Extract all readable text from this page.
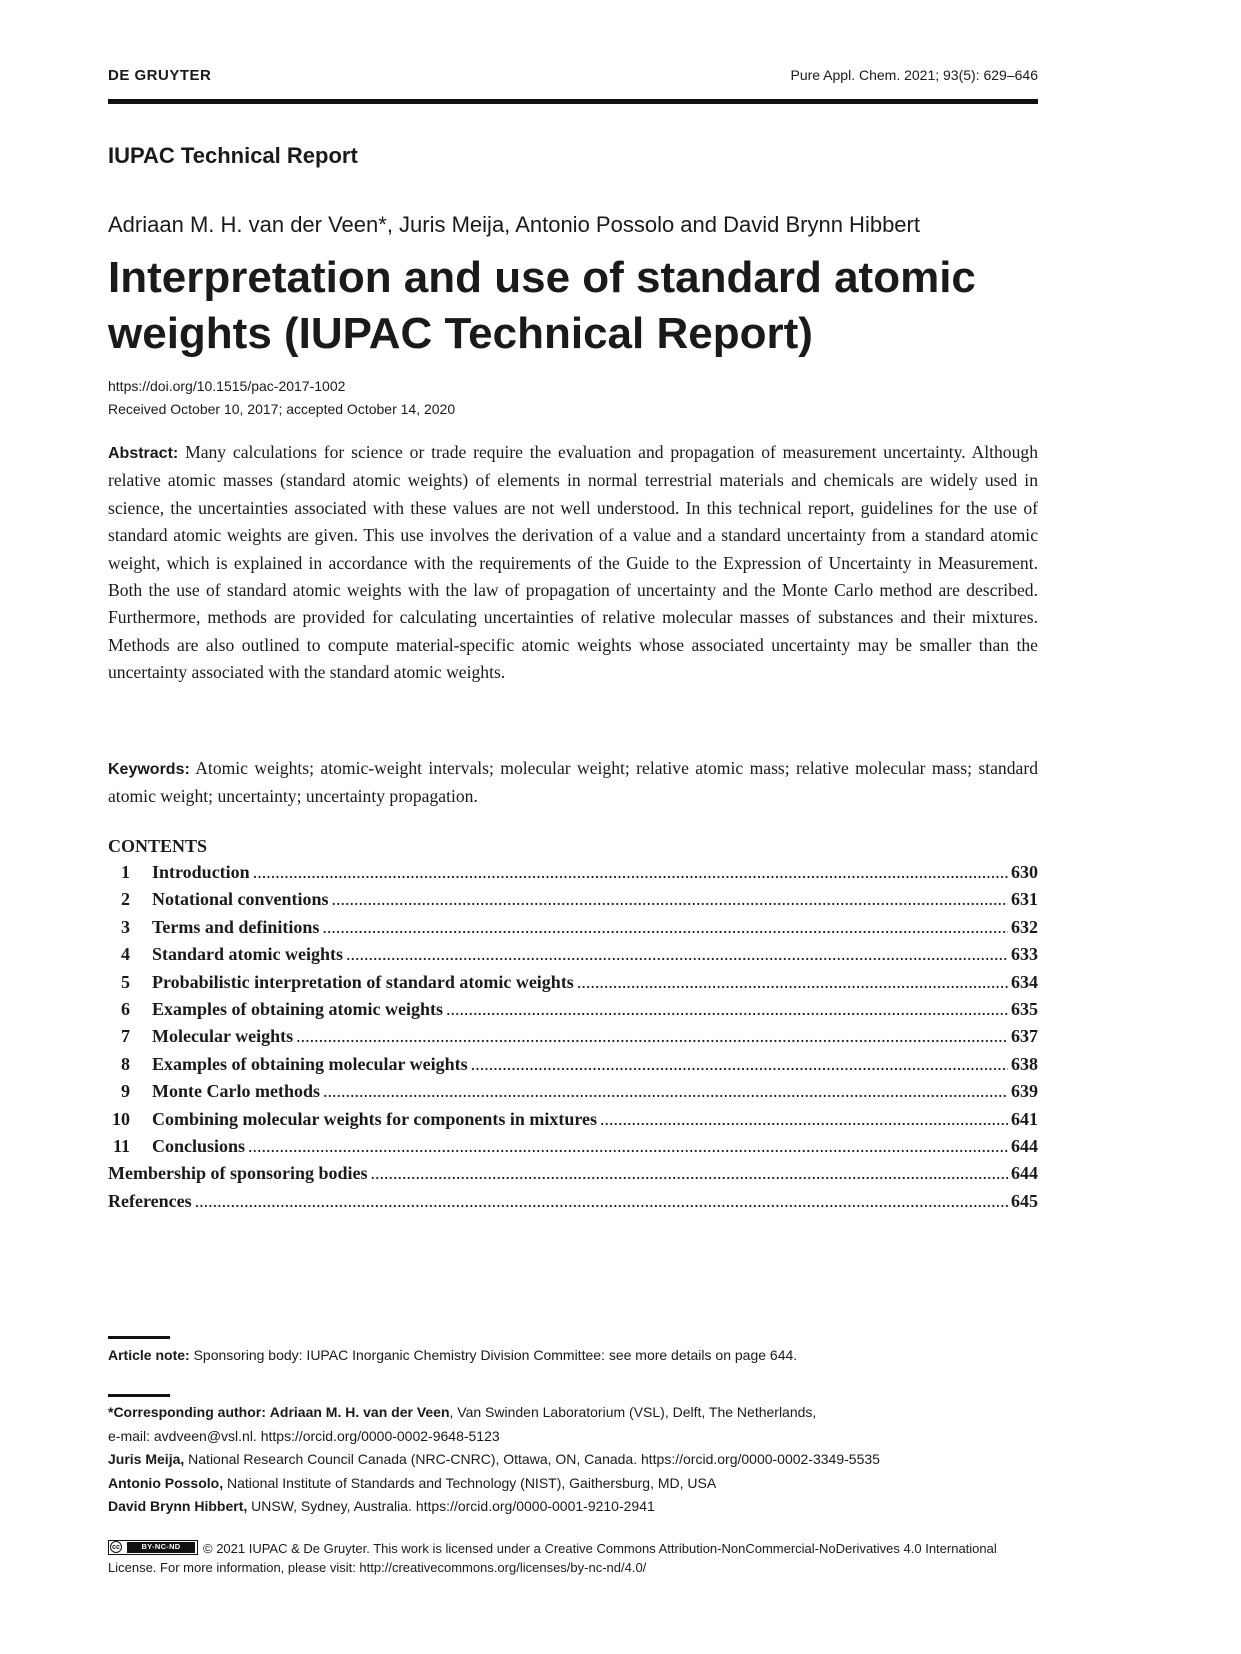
DE GRUYTER	Pure Appl. Chem. 2021; 93(5): 629–646
IUPAC Technical Report
Adriaan M. H. van der Veen*, Juris Meija, Antonio Possolo and David Brynn Hibbert
Interpretation and use of standard atomic weights (IUPAC Technical Report)
https://doi.org/10.1515/pac-2017-1002
Received October 10, 2017; accepted October 14, 2020

Abstract: Many calculations for science or trade require the evaluation and propagation of measurement uncertainty. Although relative atomic masses (standard atomic weights) of elements in normal terrestrial materials and chemicals are widely used in science, the uncertainties associated with these values are not well understood. In this technical report, guidelines for the use of standard atomic weights are given. This use involves the derivation of a value and a standard uncertainty from a standard atomic weight, which is explained in accordance with the requirements of the Guide to the Expression of Uncertainty in Measurement. Both the use of standard atomic weights with the law of propagation of uncertainty and the Monte Carlo method are described. Furthermore, methods are provided for calculating uncertainties of relative molecular masses of substances and their mixtures. Methods are also outlined to compute material-specific atomic weights whose associated uncertainty may be smaller than the uncertainty associated with the standard atomic weights.

Keywords: Atomic weights; atomic-weight intervals; molecular weight; relative atomic mass; relative molecular mass; standard atomic weight; uncertainty; uncertainty propagation.

CONTENTS
1 Introduction .....	630
2 Notational conventions .....	631
3 Terms and definitions .....	632
4 Standard atomic weights .....	633
5 Probabilistic interpretation of standard atomic weights .....	634
6 Examples of obtaining atomic weights .....	635
7 Molecular weights .....	637
8 Examples of obtaining molecular weights .....	638
9 Monte Carlo methods .....	639
10 Combining molecular weights for components in mixtures .....	641
11 Conclusions .....	644
Membership of sponsoring bodies .....	644
References .....	645
Article note: Sponsoring body: IUPAC Inorganic Chemistry Division Committee: see more details on page 644.
*Corresponding author: Adriaan M. H. van der Veen, Van Swinden Laboratorium (VSL), Delft, The Netherlands,
e-mail: avdveen@vsl.nl. https://orcid.org/0000-0002-9648-5123
Juris Meija, National Research Council Canada (NRC-CNRC), Ottawa, ON, Canada. https://orcid.org/0000-0002-3349-5535
Antonio Possolo, National Institute of Standards and Technology (NIST), Gaithersburg, MD, USA
David Brynn Hibbert, UNSW, Sydney, Australia. https://orcid.org/0000-0001-9210-2941
cc	BY-NC-ND	© 2021 IUPAC & De Gruyter. This work is licensed under a Creative Commons Attribution-NonCommercial-NoDerivatives 4.0 International License. For more information, please visit: http://creativecommons.org/licenses/by-nc-nd/4.0/
